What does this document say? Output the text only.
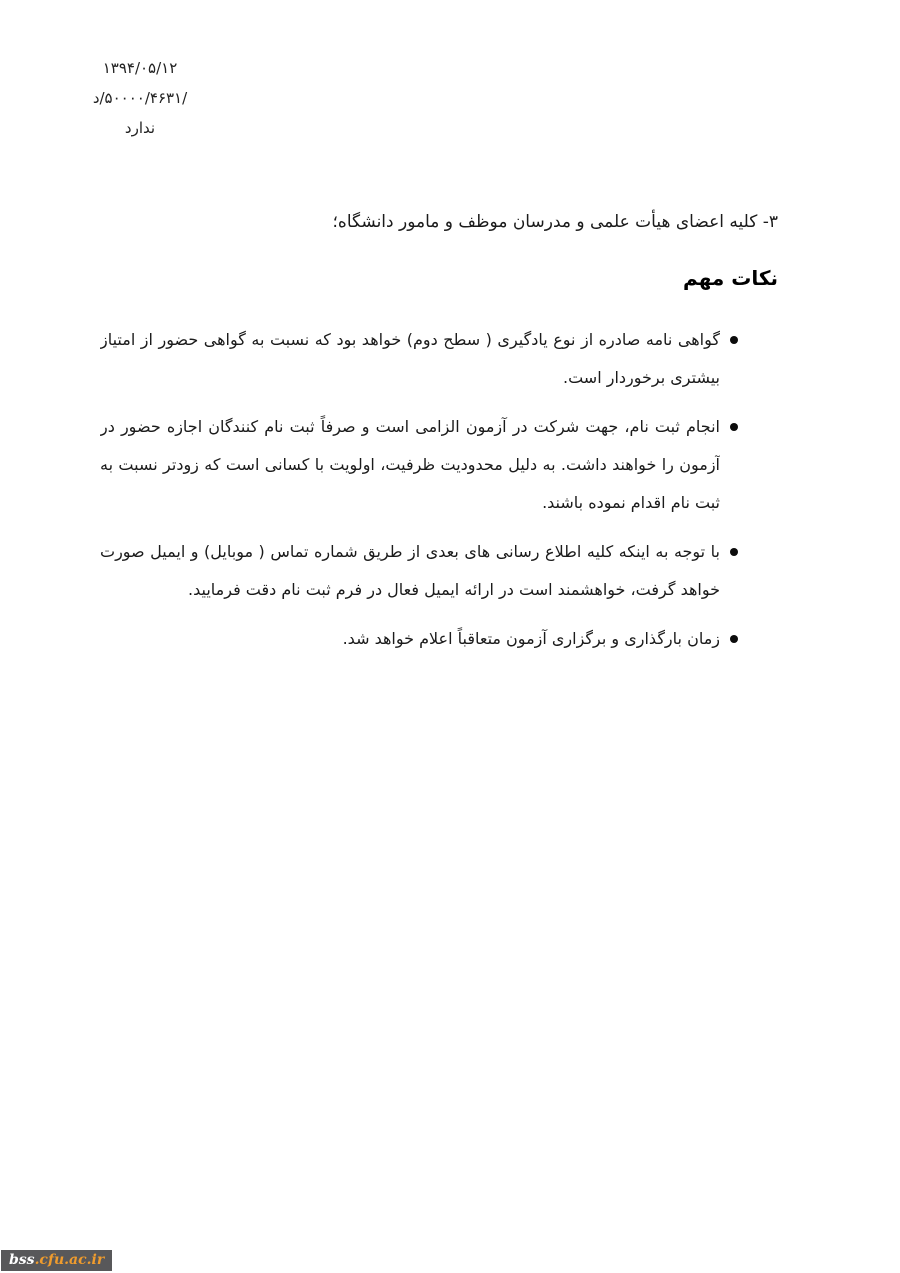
۱۳۹۴/۰۵/۱۲
د/۵۰۰۰۰/۴۶۳۱/
ندارد
۳- کلیه اعضای هیأت علمی و مدرسان موظف و مامور دانشگاه؛
نکات مهم
گواهی نامه صادره از نوع یادگیری ( سطح دوم) خواهد بود که نسبت به گواهی حضور از امتیاز
بیشتری برخوردار است.
انجام ثبت نام، جهت شرکت در آزمون الزامی است و صرفاً ثبت نام کنندگان اجازه حضور در
آزمون را خواهند داشت. به دلیل محدودیت ظرفیت، اولویت با کسانی است که زودتر نسبت به
ثبت نام اقدام نموده باشند.
با توجه به اینکه کلیه اطلاع رسانی های بعدی از طریق شماره تماس ( موبایل) و ایمیل صورت
خواهد گرفت، خواهشمند است در ارائه ایمیل فعال در فرم ثبت نام دقت فرمایید.
زمان بارگذاری و برگزاری آزمون متعاقباً اعلام خواهد شد.
bss.cfu.ac.ir
